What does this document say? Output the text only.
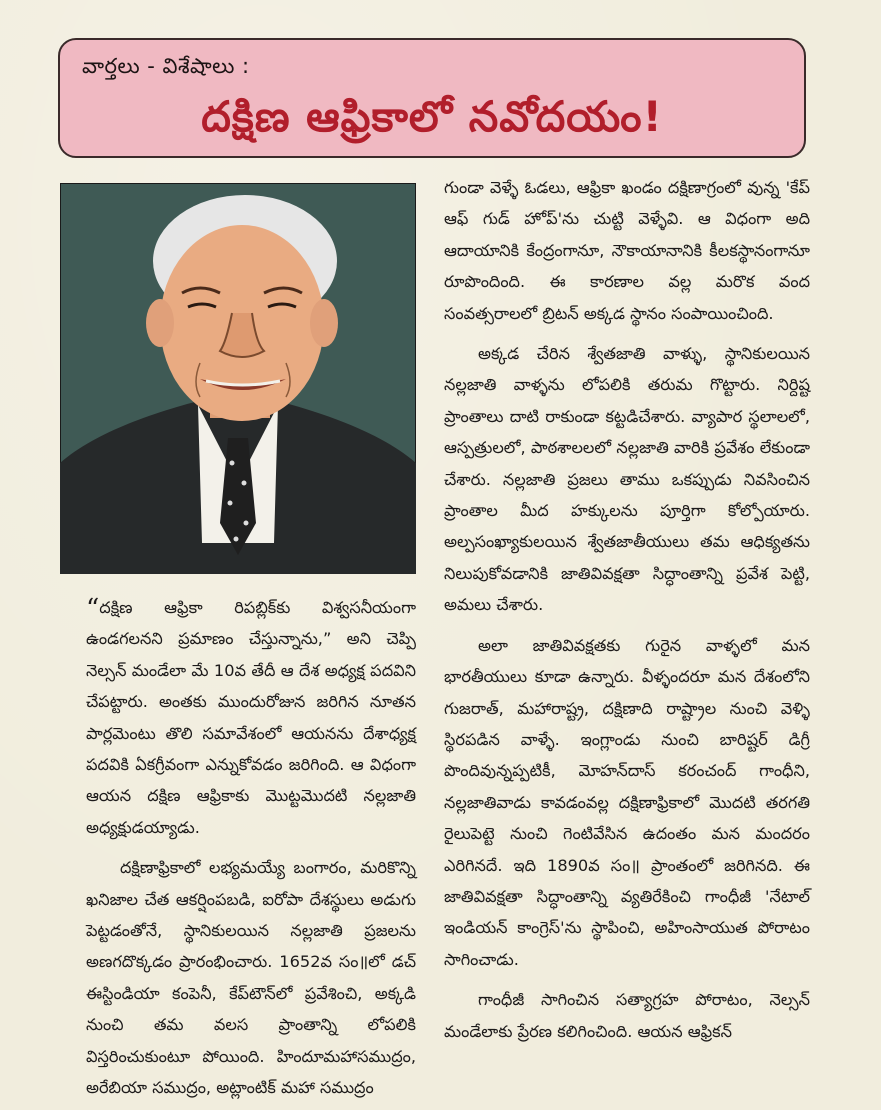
వార్తలు - విశేషాలు :
దక్షిణ ఆఫ్రికాలో నవోదయం!

“దక్షిణ ఆఫ్రికా రిపబ్లిక్‌కు విశ్వసనీయంగా ఉండగలనని ప్రమాణం చేస్తున్నాను,” అని చెప్పి నెల్సన్ మండేలా మే 10వ తేదీ ఆ దేశ అధ్యక్ష పదవిని చేపట్టారు. అంతకు ముందురోజున జరిగిన నూతన పార్లమెంటు తొలి సమావేశంలో ఆయనను దేశాధ్యక్ష పదవికి ఏకగ్రీవంగా ఎన్నుకోవడం జరిగింది. ఆ విధంగా ఆయన దక్షిణ ఆఫ్రికాకు మొట్టమొదటి నల్లజాతి అధ్యక్షుడయ్యాడు.

దక్షిణాఫ్రికాలో లభ్యమయ్యే బంగారం, మరికొన్ని ఖనిజాల చేత ఆకర్షింపబడి, ఐరోపా దేశస్థులు అడుగు పెట్టడంతోనే, స్థానికులయిన నల్లజాతి ప్రజలను అణగదొక్కడం ప్రారంభించారు. 1652వ సం॥లో డచ్ ఈస్టిండియా కంపెనీ, కేప్‌టౌన్‌లో ప్రవేశించి, అక్కడి నుంచి తమ వలస ప్రాంతాన్ని లోపలికి విస్తరించుకుంటూ పోయింది. హిందూమహాసముద్రం, అరేబియా సముద్రం, అట్లాంటిక్ మహా సముద్రం

గుండా వెళ్ళే ఓడలు, ఆఫ్రికా ఖండం దక్షిణాగ్రంలో వున్న 'కేప్ ఆఫ్ గుడ్ హోప్'ను చుట్టి వెళ్ళేవి. ఆ విధంగా అది ఆదాయానికి కేంద్రంగానూ, నౌకాయానానికి కీలకస్థానంగానూ రూపొందింది. ఈ కారణాల వల్ల మరొక వంద సంవత్సరాలలో బ్రిటన్ అక్కడ స్థానం సంపాయించింది.

అక్కడ చేరిన శ్వేతజాతి వాళ్ళు, స్థానికులయిన నల్లజాతి వాళ్ళను లోపలికి తరుమ గొట్టారు. నిర్దిష్ట ప్రాంతాలు దాటి రాకుండా కట్టడిచేశారు. వ్యాపార స్థలాలలో, ఆస్పత్రులలో, పాఠశాలలలో నల్లజాతి వారికి ప్రవేశం లేకుండా చేశారు. నల్లజాతి ప్రజలు తాము ఒకప్పుడు నివసించిన ప్రాంతాల మీద హక్కులను పూర్తిగా కోల్పోయారు. అల్పసంఖ్యాకులయిన శ్వేతజాతీయులు తమ ఆధిక్యతను నిలుపుకోవడానికి జాతివివక్షతా సిద్ధాంతాన్ని ప్రవేశ పెట్టి, అమలు చేశారు.

అలా జాతివివక్షతకు గురైన వాళ్ళలో మన భారతీయులు కూడా ఉన్నారు. వీళ్ళందరూ మన దేశంలోని గుజరాత్, మహారాష్ట్ర, దక్షిణాది రాష్ట్రాల నుంచి వెళ్ళి స్థిరపడిన వాళ్ళే. ఇంగ్లాండు నుంచి బారిష్టర్ డిగ్రీ పొందివున్నప్పటికీ, మోహన్‌దాస్ కరంచంద్ గాంధీని, నల్లజాతివాడు కావడంవల్ల దక్షిణాఫ్రికాలో మొదటి తరగతి రైలుపెట్టె నుంచి గెంటివేసిన ఉదంతం మన మందరం ఎరిగినదే. ఇది 1890వ సం॥ ప్రాంతంలో జరిగినది. ఈ జాతివివక్షతా సిద్ధాంతాన్ని వ్యతిరేకించి గాంధీజీ 'నేటాల్ ఇండియన్ కాంగ్రెస్'ను స్థాపించి, అహింసాయుత పోరాటం సాగించాడు.

గాంధీజీ సాగించిన సత్యాగ్రహ పోరాటం, నెల్సన్ మండేలాకు ప్రేరణ కలిగించింది. ఆయన ఆఫ్రికన్
